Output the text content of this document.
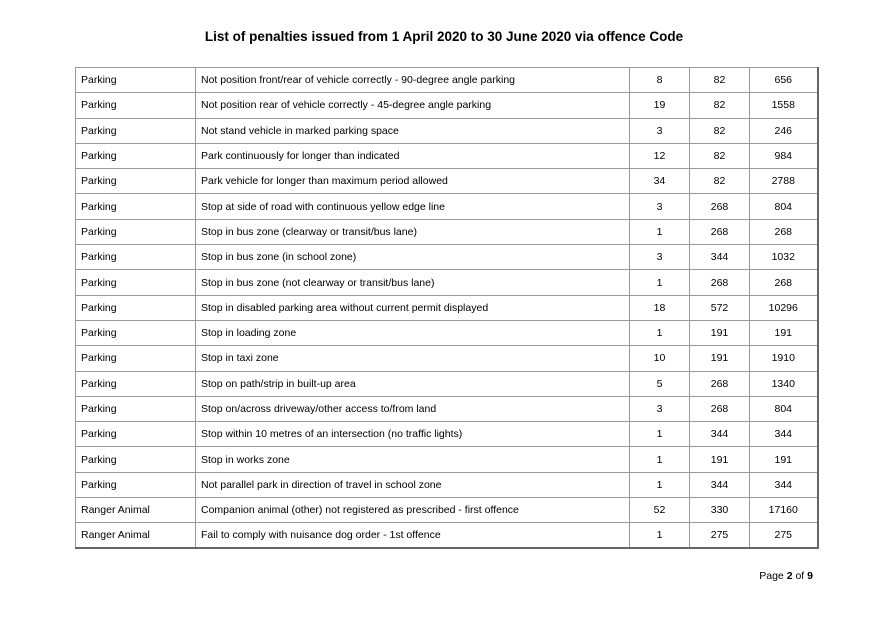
List of penalties issued from 1 April 2020 to 30 June 2020 via offence Code
Parking	Not position front/rear of vehicle correctly - 90-degree angle parking	8	82	656
Parking	Not position rear of vehicle correctly - 45-degree angle parking	19	82	1558
Parking	Not stand vehicle in marked parking space	3	82	246
Parking	Park continuously for longer than indicated	12	82	984
Parking	Park vehicle for longer than maximum period allowed	34	82	2788
Parking	Stop at side of road with continuous yellow edge line	3	268	804
Parking	Stop in bus zone (clearway or transit/bus lane)	1	268	268
Parking	Stop in bus zone (in school zone)	3	344	1032
Parking	Stop in bus zone (not clearway or transit/bus lane)	1	268	268
Parking	Stop in disabled parking area without current permit displayed	18	572	10296
Parking	Stop in loading zone	1	191	191
Parking	Stop in taxi zone	10	191	1910
Parking	Stop on path/strip in built-up area	5	268	1340
Parking	Stop on/across driveway/other access to/from land	3	268	804
Parking	Stop within 10 metres of an intersection (no traffic lights)	1	344	344
Parking	Stop in works zone	1	191	191
Parking	Not parallel park in direction of travel in school zone	1	344	344
Ranger Animal	Companion animal (other) not registered as prescribed - first offence	52	330	17160
Ranger Animal	Fail to comply with nuisance dog order - 1st offence	1	275	275
Page 2 of 9
